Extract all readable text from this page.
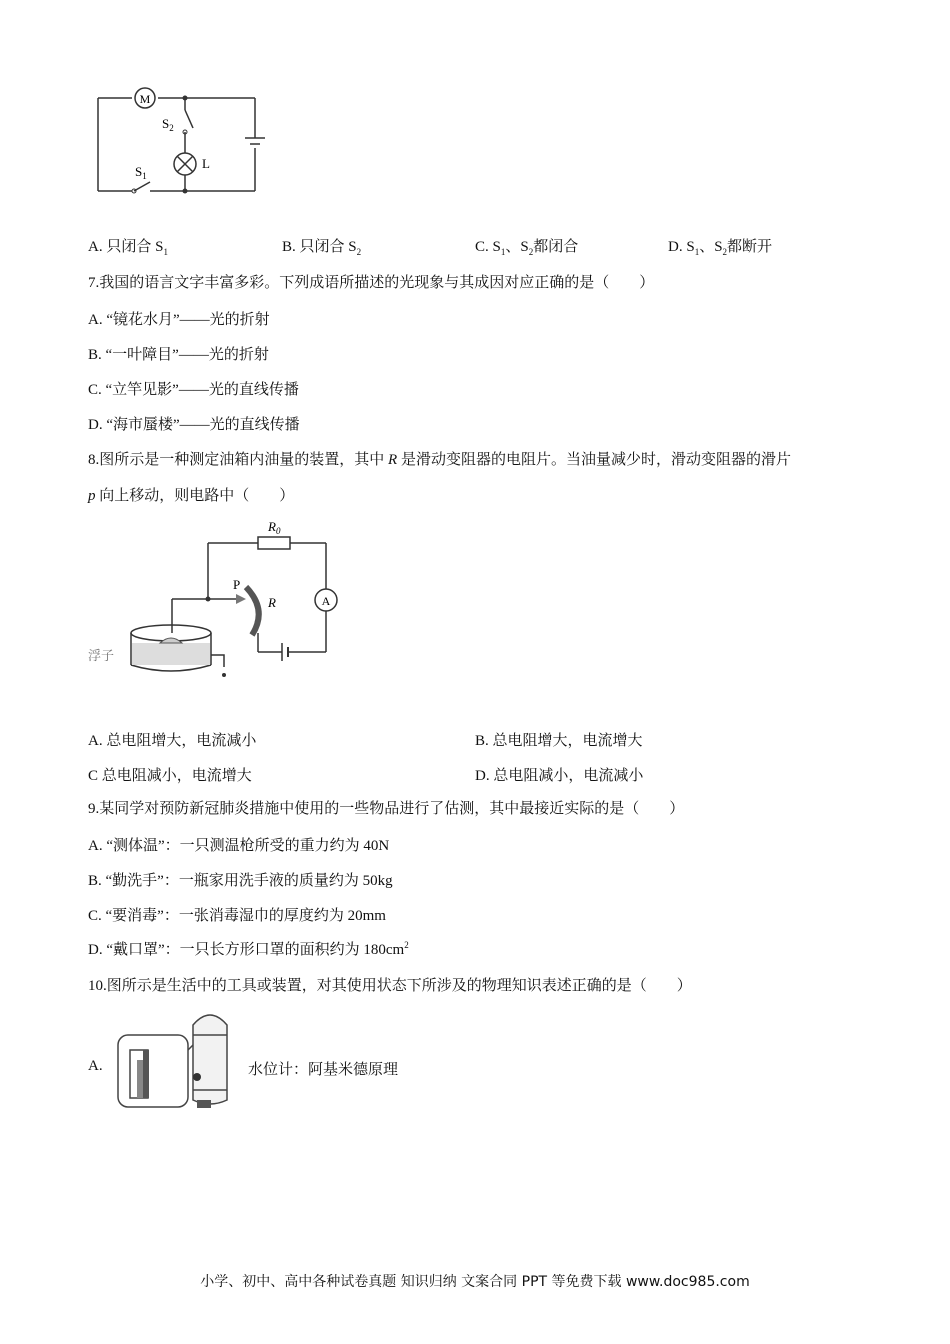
M
$S_2$
L
$S_1$
A. 只闭合 $S_1$	B. 只闭合 $S_2$	C. $S_1$、$S_2$都闭合	D. $S_1$、$S_2$都断开
7.我国的语言文字丰富多彩。下列成语所描述的光现象与其成因对应正确的是（　　）
A. “镜花水月”——光的折射
B. “一叶障目”——光的折射
C. “立竿见影”——光的直线传播
D. “海市蜃楼”——光的直线传播
8.图所示是一种测定油箱内油量的装置，其中 R 是滑动变阻器的电阻片。当油量减少时，滑动变阻器的滑片
p 向上移动，则电路中（　　）
$R_0$
P
R	A
浮子
A. 总电阻增大，电流减小	B. 总电阻增大，电流增大
C 总电阻减小，电流增大	D. 总电阻减小，电流减小
9.某同学对预防新冠肺炎措施中使用的一些物品进行了估测，其中最接近实际的是（　　）
A. “测体温”：一只测温枪所受的重力约为 40N
B. “勤洗手”：一瓶家用洗手液的质量约为 50kg
C. “要消毒”：一张消毒湿巾的厚度约为 20mm
D. “戴口罩”：一只长方形口罩的面积约为 $180cm^2$
10.图所示是生活中的工具或装置，对其使用状态下所涉及的物理知识表述正确的是（　　）
A.	水位计：阿基米德原理
小学、初中、高中各种试卷真题 知识归纳 文案合同 PPT 等免费下载 www.doc985.com
